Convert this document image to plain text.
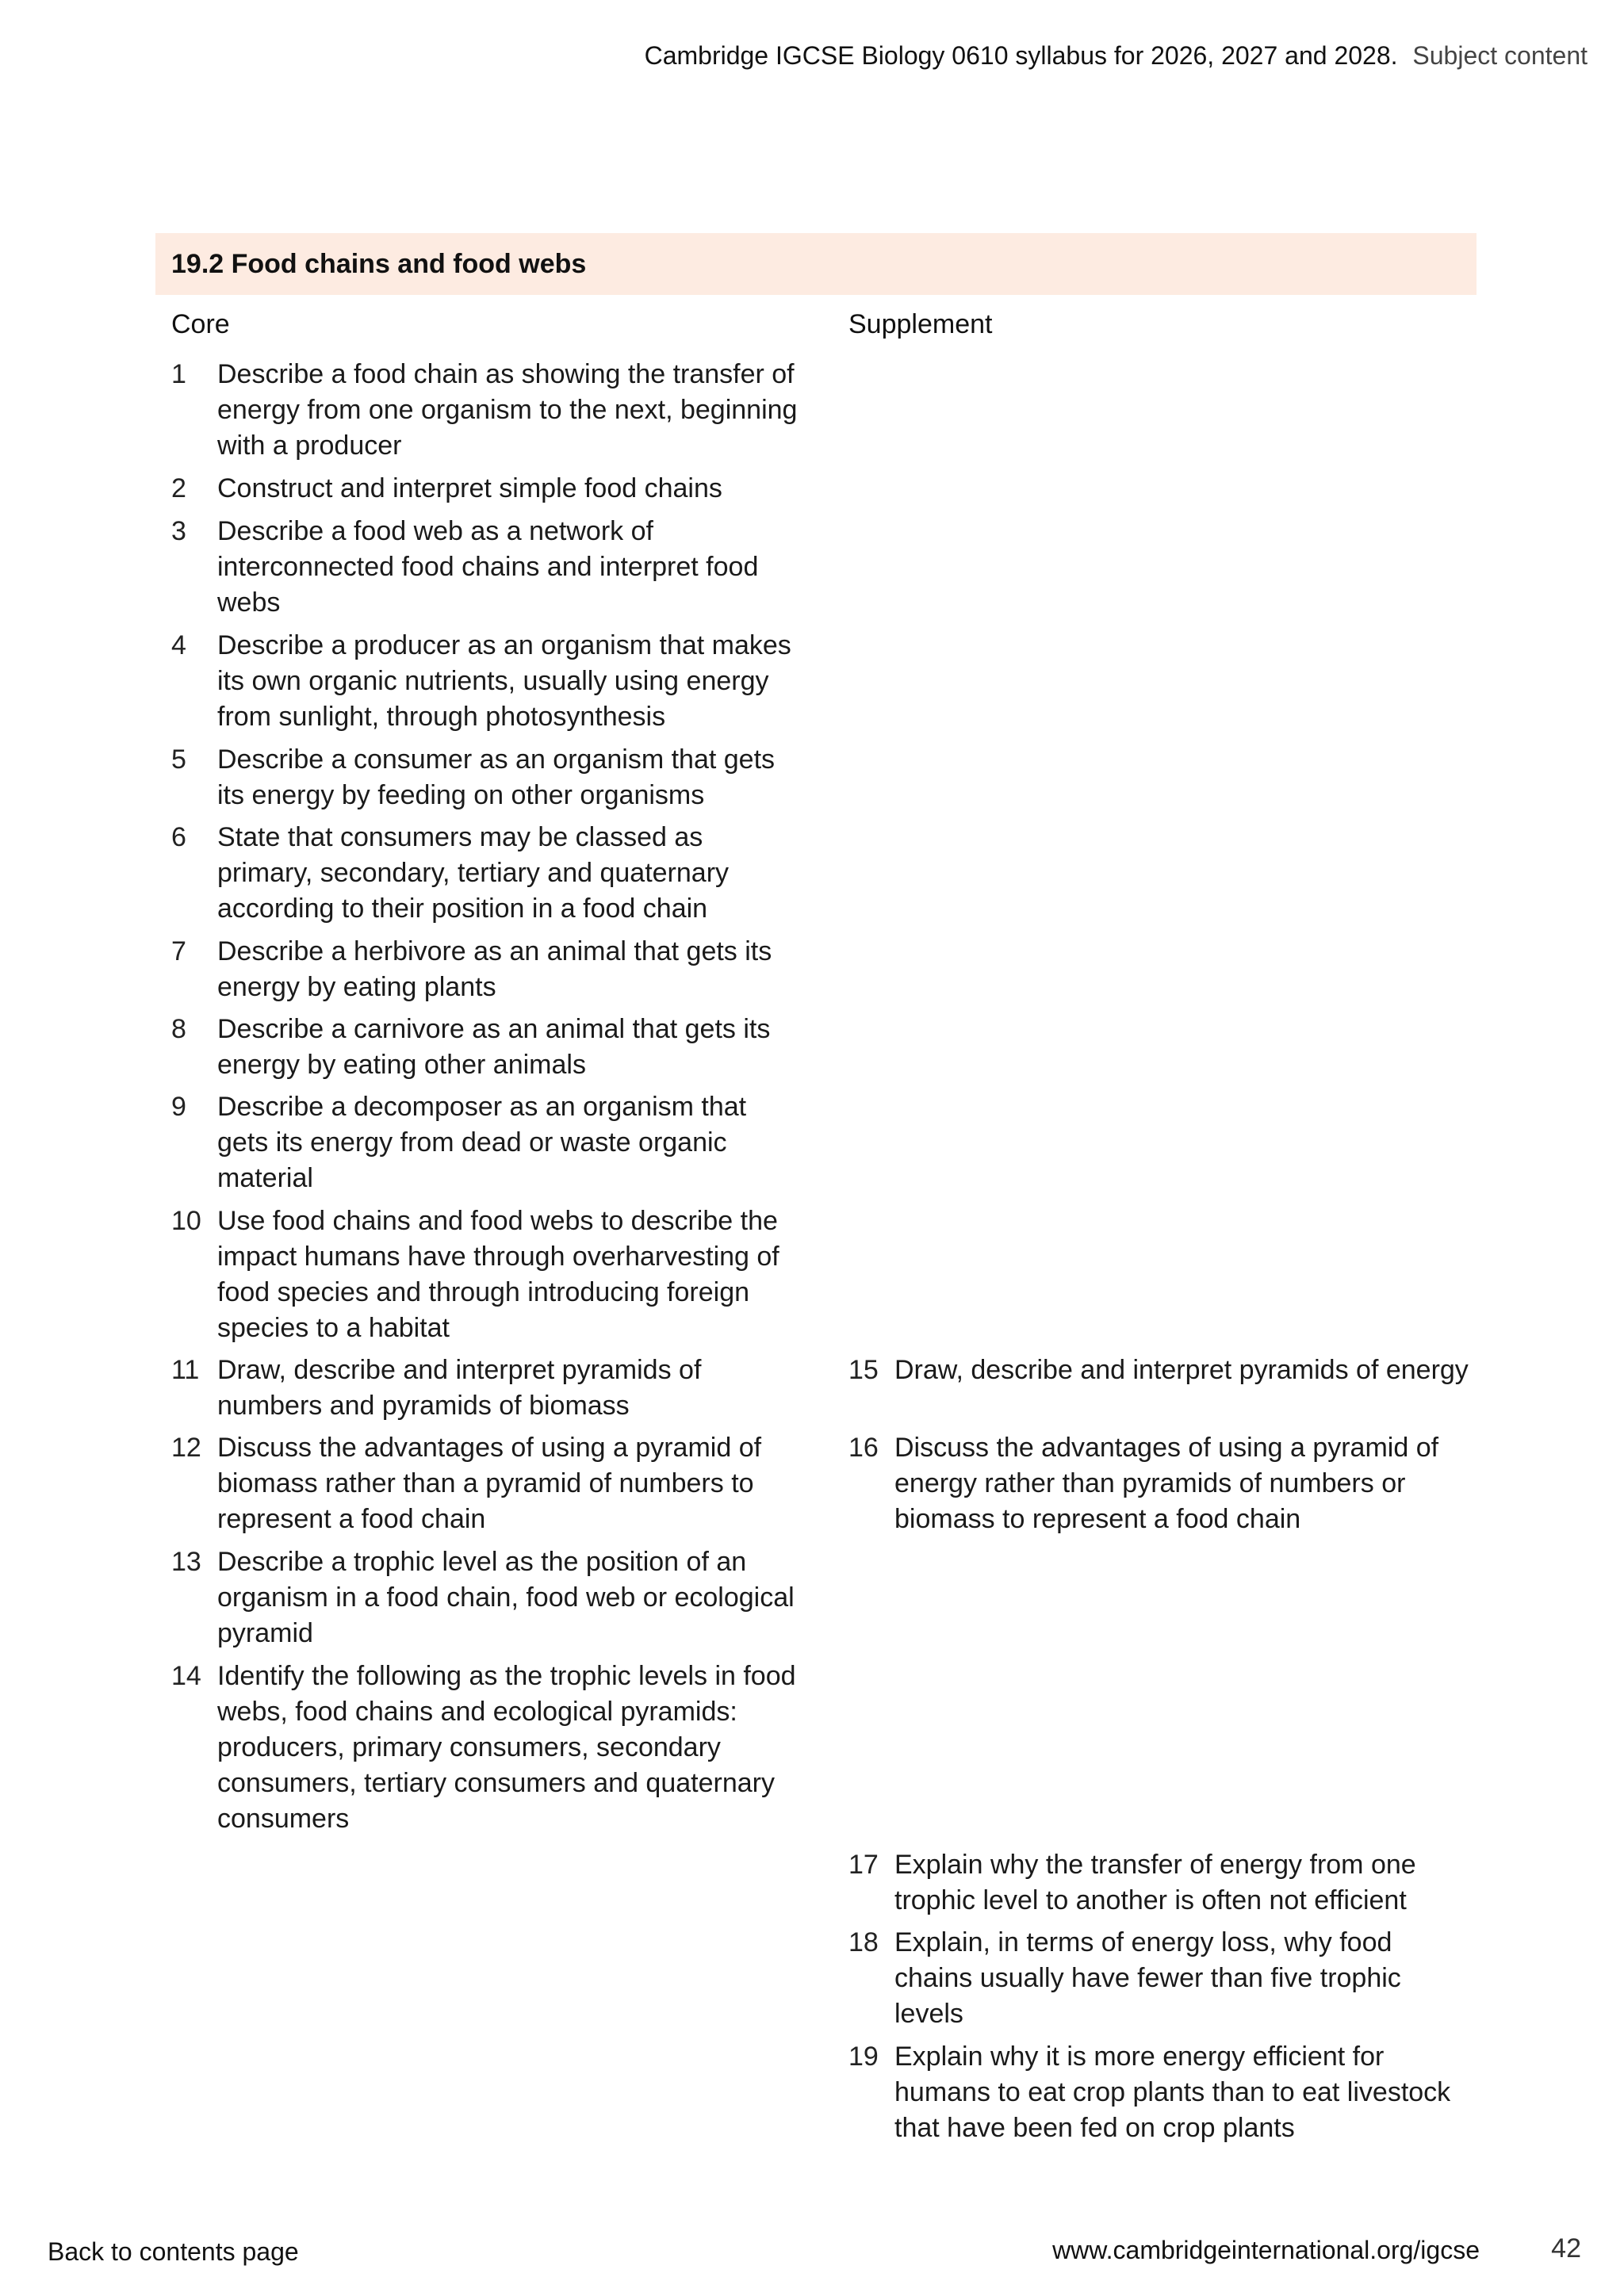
Cambridge IGCSE Biology 0610 syllabus for 2026, 2027 and 2028. Subject content
19.2 Food chains and food webs
Core
1	Describe a food chain as showing the transfer of energy from one organism to the next, beginning with a producer
2	Construct and interpret simple food chains
3	Describe a food web as a network of interconnected food chains and interpret food webs
4	Describe a producer as an organism that makes its own organic nutrients, usually using energy from sunlight, through photosynthesis
5	Describe a consumer as an organism that gets its energy by feeding on other organisms
6	State that consumers may be classed as primary, secondary, tertiary and quaternary according to their position in a food chain
7	Describe a herbivore as an animal that gets its energy by eating plants
8	Describe a carnivore as an animal that gets its energy by eating other animals
9	Describe a decomposer as an organism that gets its energy from dead or waste organic material
10 Use food chains and food webs to describe the impact humans have through overharvesting of food species and through introducing foreign species to a habitat
11 Draw, describe and interpret pyramids of numbers and pyramids of biomass
12 Discuss the advantages of using a pyramid of biomass rather than a pyramid of numbers to represent a food chain
13 Describe a trophic level as the position of an organism in a food chain, food web or ecological pyramid
14 Identify the following as the trophic levels in food webs, food chains and ecological pyramids: producers, primary consumers, secondary consumers, tertiary consumers and quaternary consumers
Supplement
15 Draw, describe and interpret pyramids of energy
16 Discuss the advantages of using a pyramid of energy rather than pyramids of numbers or biomass to represent a food chain
17 Explain why the transfer of energy from one trophic level to another is often not efficient
18 Explain, in terms of energy loss, why food chains usually have fewer than five trophic levels
19 Explain why it is more energy efficient for humans to eat crop plants than to eat livestock that have been fed on crop plants
Back to contents page	www.cambridgeinternational.org/igcse	42
